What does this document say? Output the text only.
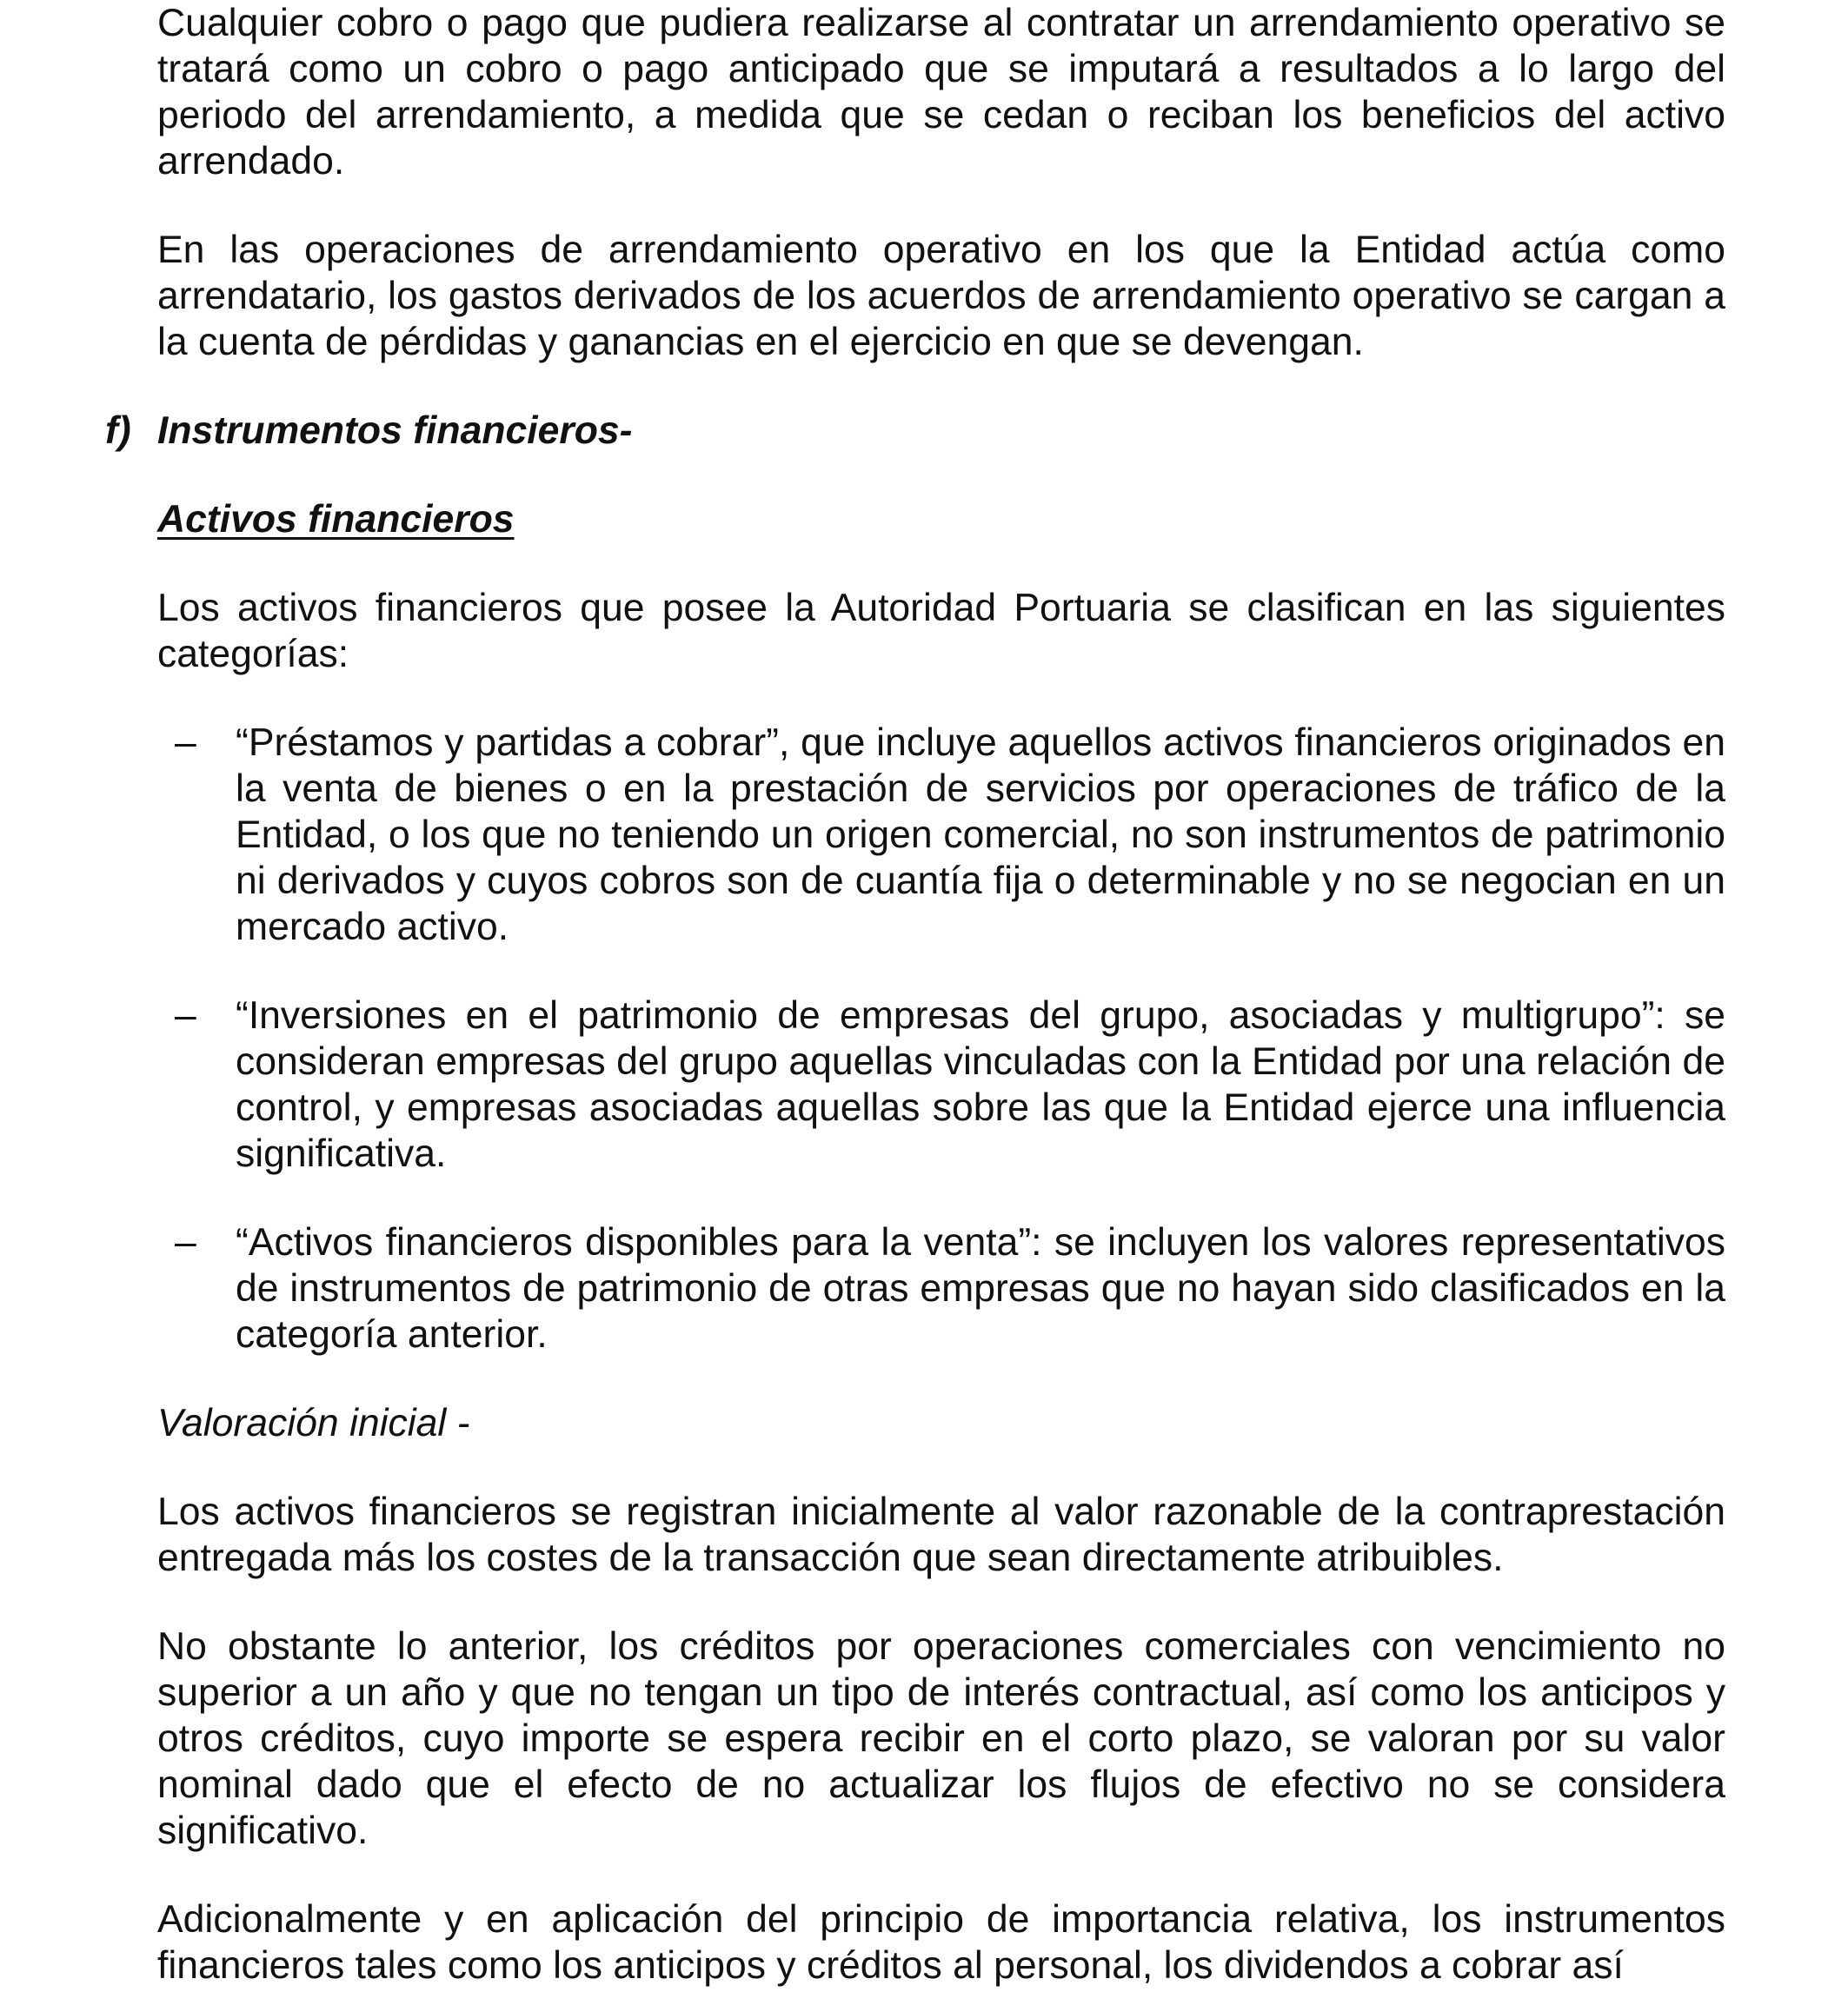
Cualquier cobro o pago que pudiera realizarse al contratar un arrendamiento operativo se tratará como un cobro o pago anticipado que se imputará a resultados a lo largo del periodo del arrendamiento, a medida que se cedan o reciban los beneficios del activo arrendado.

En las operaciones de arrendamiento operativo en los que la Entidad actúa como arrendatario, los gastos derivados de los acuerdos de arrendamiento operativo se cargan a la cuenta de pérdidas y ganancias en el ejercicio en que se devengan.

f) Instrumentos financieros-

Activos financieros

Los activos financieros que posee la Autoridad Portuaria se clasifican en las siguientes categorías:

– “Préstamos y partidas a cobrar”, que incluye aquellos activos financieros originados en la venta de bienes o en la prestación de servicios por operaciones de tráfico de la Entidad, o los que no teniendo un origen comercial, no son instrumentos de patrimonio ni derivados y cuyos cobros son de cuantía fija o determinable y no se negocian en un mercado activo.
– “Inversiones en el patrimonio de empresas del grupo, asociadas y multigrupo”: se consideran empresas del grupo aquellas vinculadas con la Entidad por una relación de control, y empresas asociadas aquellas sobre las que la Entidad ejerce una influencia significativa.
– “Activos financieros disponibles para la venta”: se incluyen los valores representativos de instrumentos de patrimonio de otras empresas que no hayan sido clasificados en la categoría anterior.

Valoración inicial -

Los activos financieros se registran inicialmente al valor razonable de la contraprestación entregada más los costes de la transacción que sean directamente atribuibles.

No obstante lo anterior, los créditos por operaciones comerciales con vencimiento no superior a un año y que no tengan un tipo de interés contractual, así como los anticipos y otros créditos, cuyo importe se espera recibir en el corto plazo, se valoran por su valor nominal dado que el efecto de no actualizar los flujos de efectivo no se considera significativo.

Adicionalmente y en aplicación del principio de importancia relativa, los instrumentos financieros tales como los anticipos y créditos al personal, los dividendos a cobrar así
